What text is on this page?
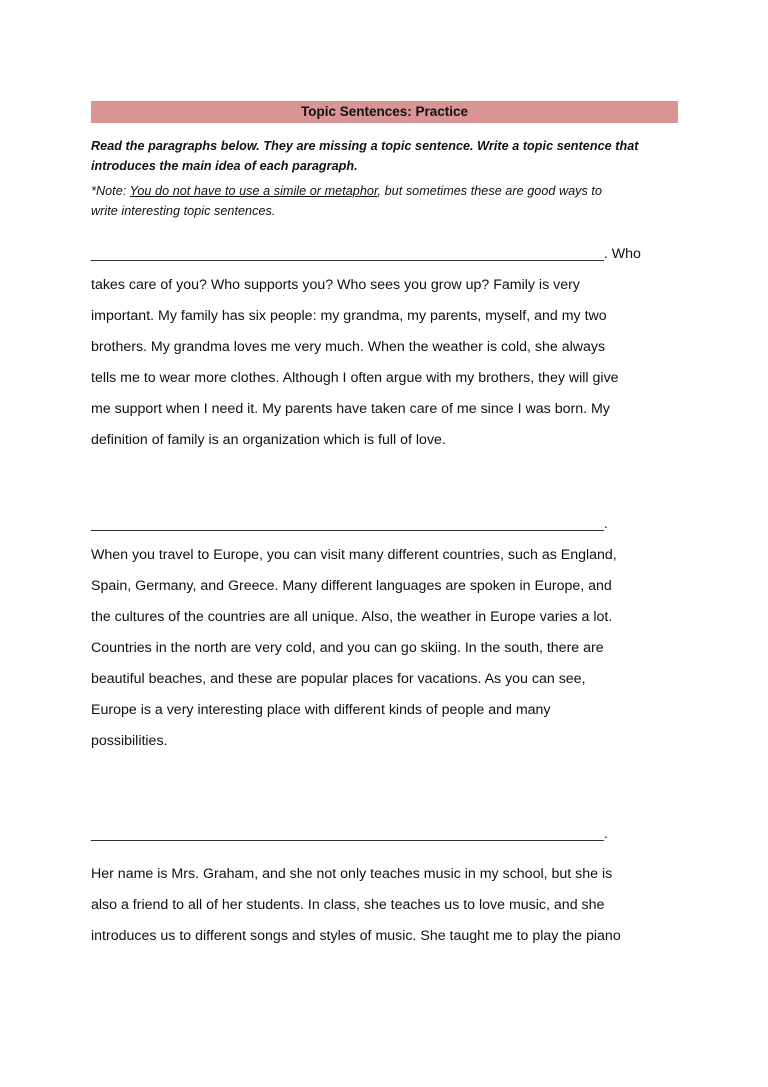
Topic Sentences: Practice
Read the paragraphs below. They are missing a topic sentence. Write a topic sentence that
introduces the main idea of each paragraph.
*Note: You do not have to use a simile or metaphor, but sometimes these are good ways to
write interesting topic sentences.
_________________________________________________________________. Who
takes care of you? Who supports you? Who sees you grow up? Family is very
important. My family has six people: my grandma, my parents, myself, and my two
brothers. My grandma loves me very much. When the weather is cold, she always
tells me to wear more clothes. Although I often argue with my brothers, they will give
me support when I need it. My parents have taken care of me since I was born. My
definition of family is an organization which is full of love.
_________________________________________________________________.
When you travel to Europe, you can visit many different countries, such as England,
Spain, Germany, and Greece. Many different languages are spoken in Europe, and
the cultures of the countries are all unique. Also, the weather in Europe varies a lot.
Countries in the north are very cold, and you can go skiing. In the south, there are
beautiful beaches, and these are popular places for vacations. As you can see,
Europe is a very interesting place with different kinds of people and many
possibilities.
_________________________________________________________________.
Her name is Mrs. Graham, and she not only teaches music in my school, but she is
also a friend to all of her students. In class, she teaches us to love music, and she
introduces us to different songs and styles of music. She taught me to play the piano
